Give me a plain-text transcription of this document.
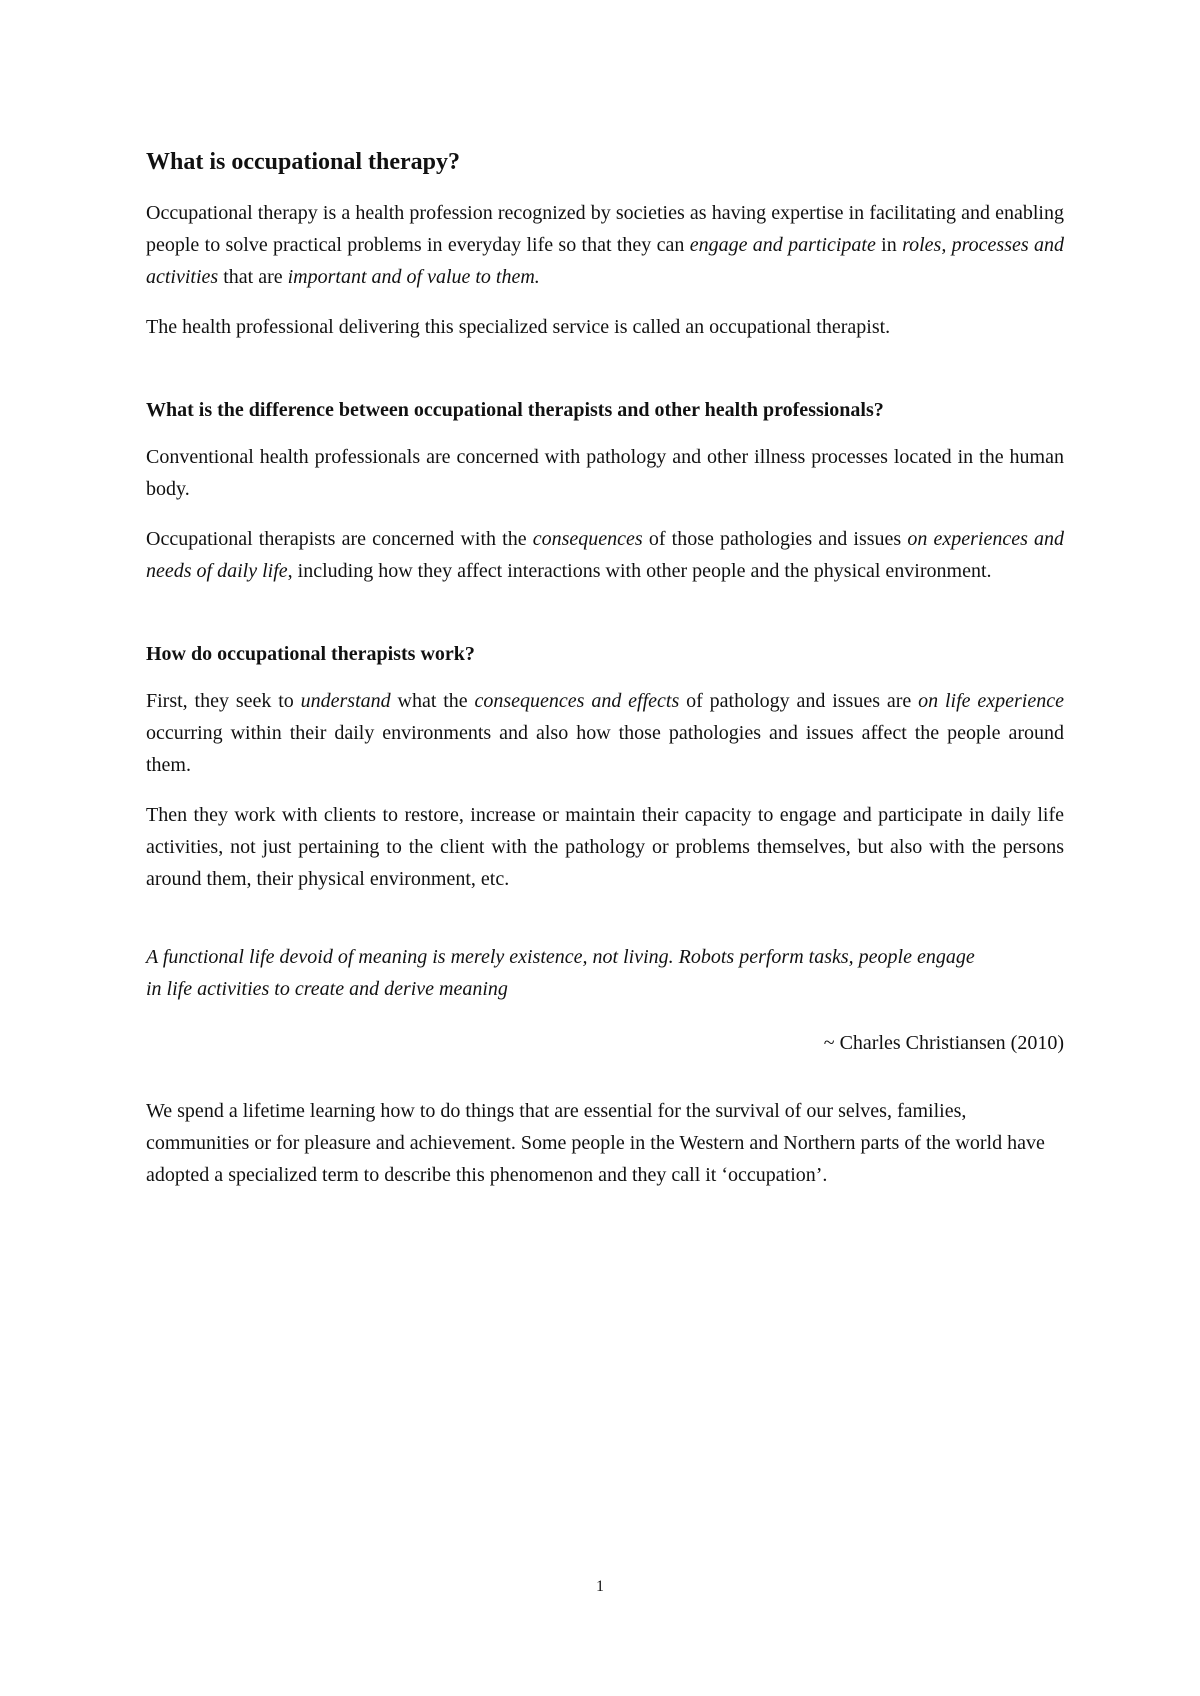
What is occupational therapy?

Occupational therapy is a health profession recognized by societies as having expertise in facilitating and enabling people to solve practical problems in everyday life so that they can engage and participate in roles, processes and activities that are important and of value to them.

The health professional delivering this specialized service is called an occupational therapist.

What is the difference between occupational therapists and other health professionals?

Conventional health professionals are concerned with pathology and other illness processes located in the human body.

Occupational therapists are concerned with the consequences of those pathologies and issues on experiences and needs of daily life, including how they affect interactions with other people and the physical environment.

How do occupational therapists work?

First, they seek to understand what the consequences and effects of pathology and issues are on life experience occurring within their daily environments and also how those pathologies and issues affect the people around them.

Then they work with clients to restore, increase or maintain their capacity to engage and participate in daily life activities, not just pertaining to the client with the pathology or problems themselves, but also with the persons around them, their physical environment, etc.

A functional life devoid of meaning is merely existence, not living. Robots perform tasks, people engage in life activities to create and derive meaning

~ Charles Christiansen (2010)

We spend a lifetime learning how to do things that are essential for the survival of our selves, families, communities or for pleasure and achievement. Some people in the Western and Northern parts of the world have adopted a specialized term to describe this phenomenon and they call it ‘occupation’.

1
